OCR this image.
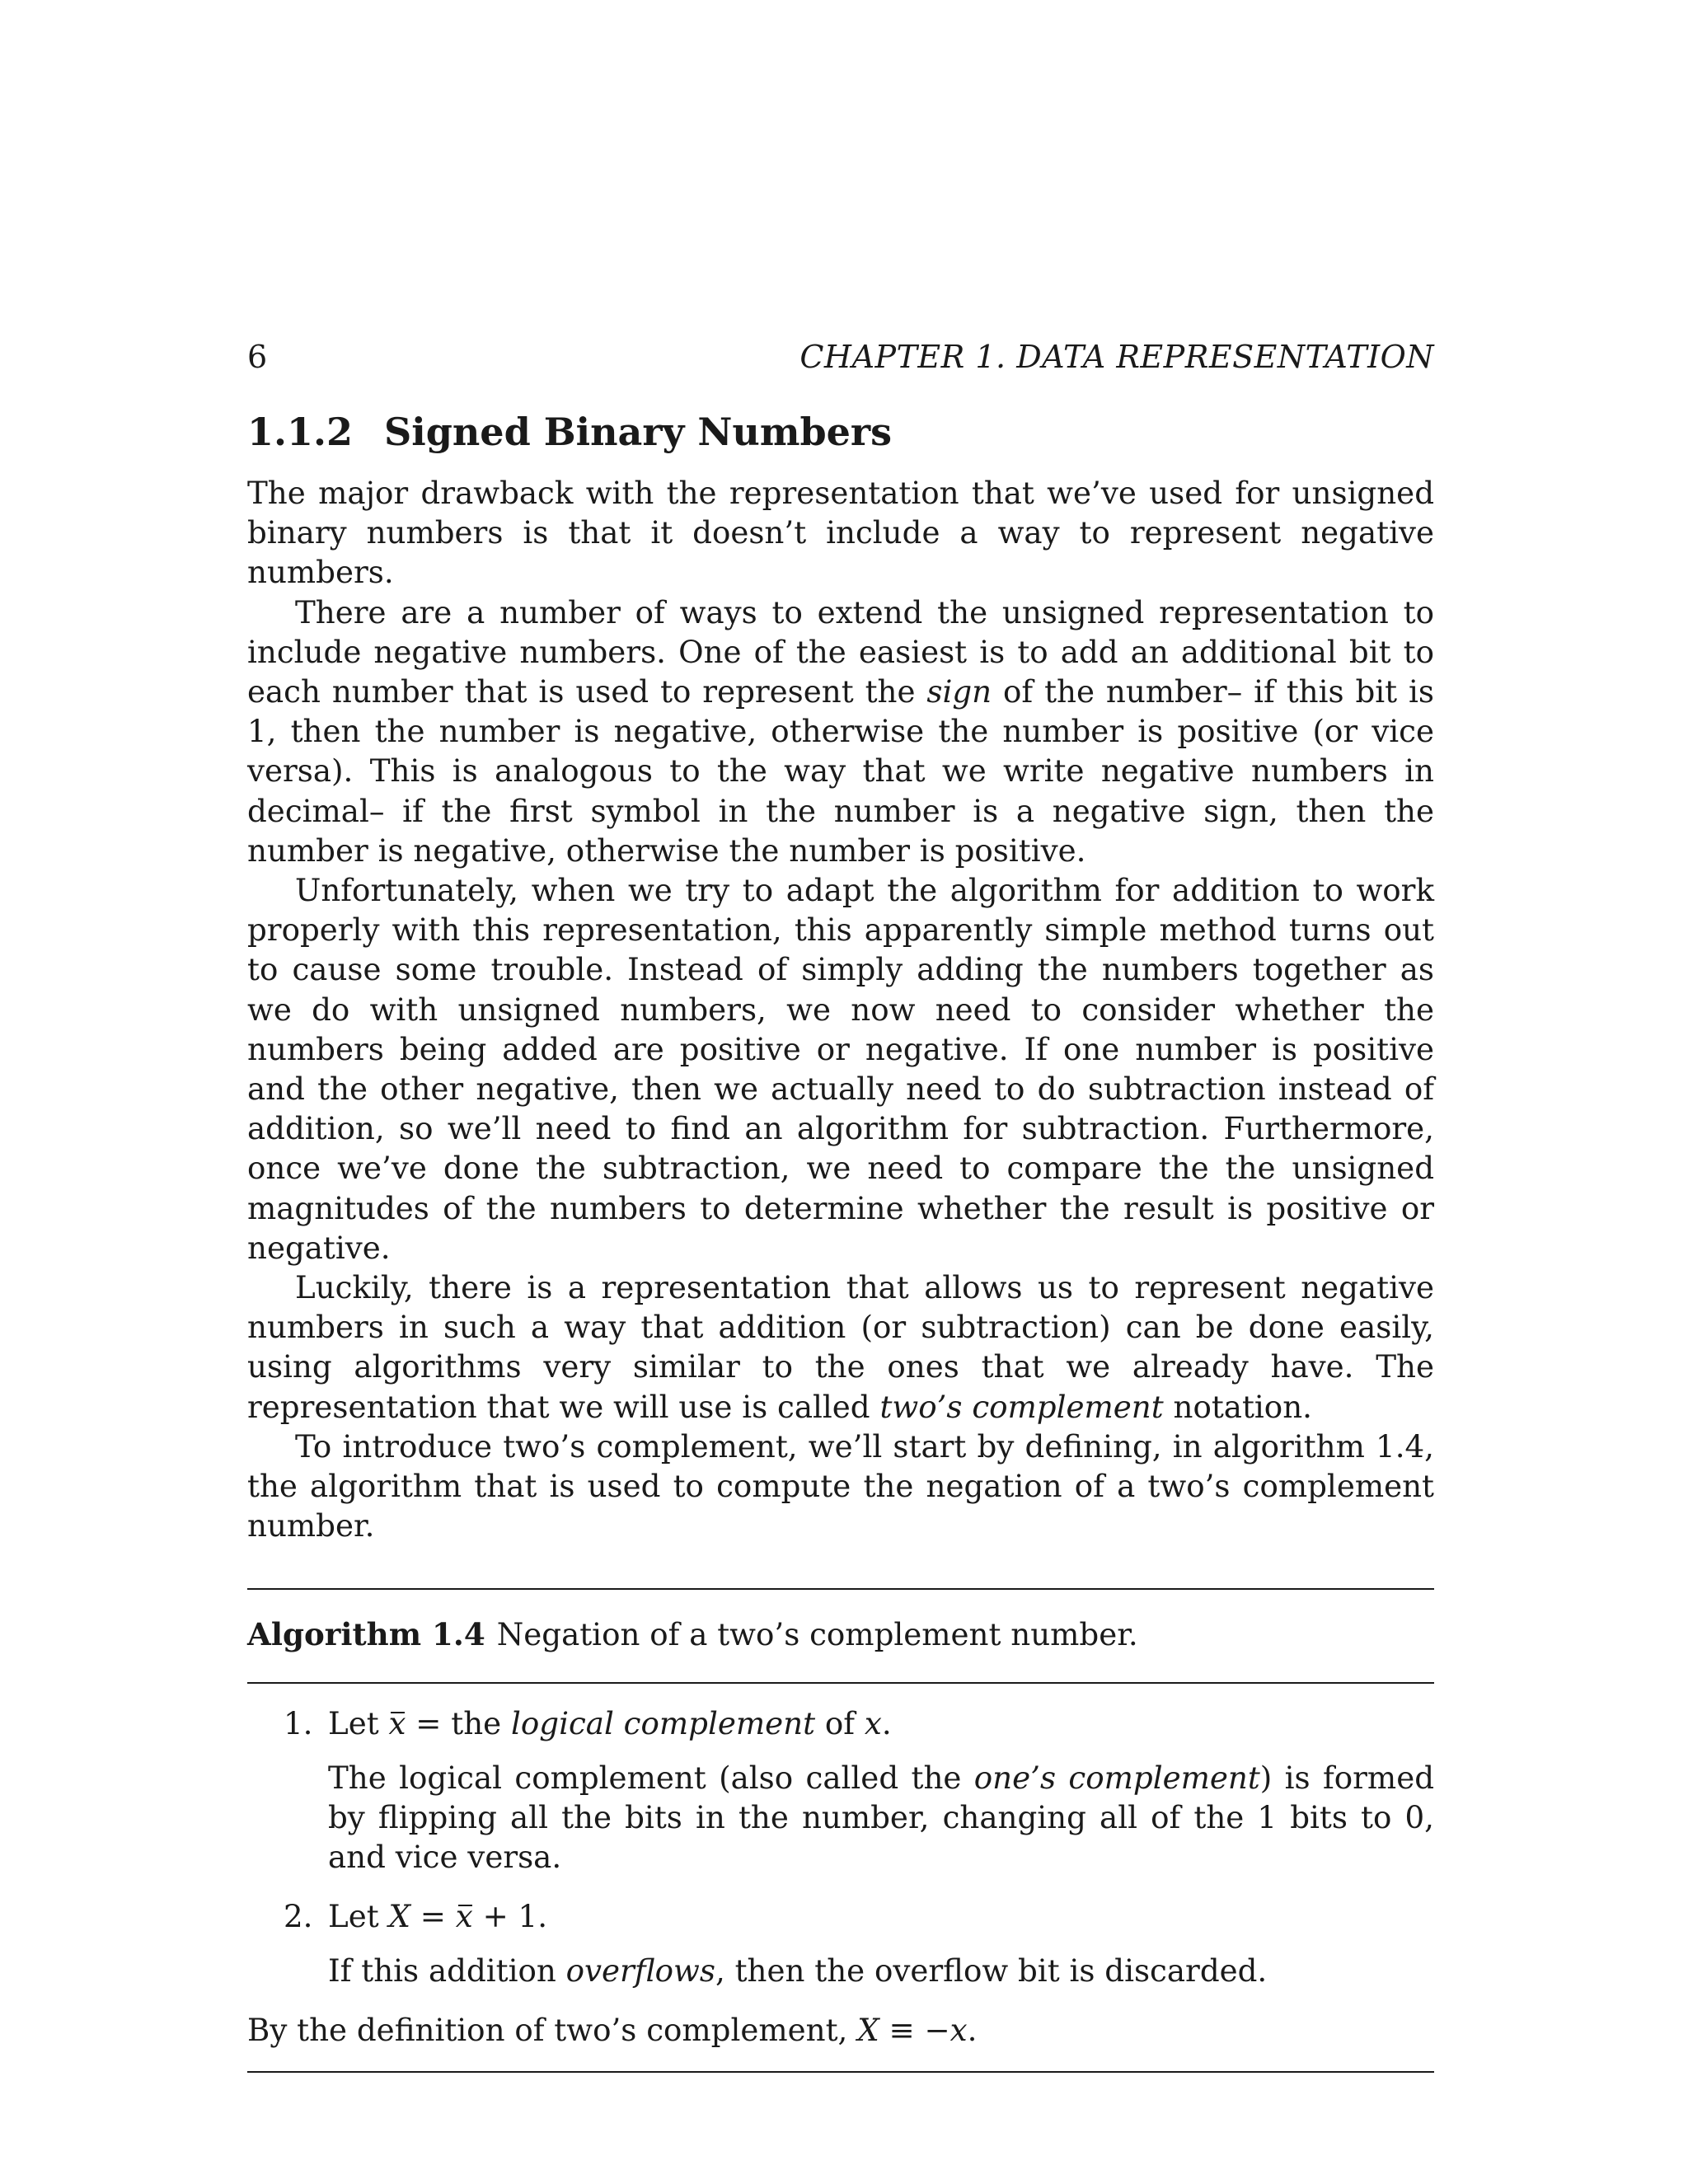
6	CHAPTER 1. DATA REPRESENTATION
1.1.2 Signed Binary Numbers

The major drawback with the representation that we’ve used for unsigned binary numbers is that it doesn’t include a way to represent negative numbers.

There are a number of ways to extend the unsigned representation to include negative numbers. One of the easiest is to add an additional bit to each number that is used to represent the sign of the number– if this bit is 1, then the number is negative, otherwise the number is positive (or vice versa). This is analogous to the way that we write negative numbers in decimal– if the first symbol in the number is a negative sign, then the number is negative, otherwise the number is positive.

Unfortunately, when we try to adapt the algorithm for addition to work properly with this representation, this apparently simple method turns out to cause some trouble. Instead of simply adding the numbers together as we do with unsigned numbers, we now need to consider whether the numbers being added are positive or negative. If one number is positive and the other negative, then we actually need to do subtraction instead of addition, so we’ll need to find an algorithm for subtraction. Furthermore, once we’ve done the subtraction, we need to compare the the unsigned magnitudes of the numbers to determine whether the result is positive or negative.

Luckily, there is a representation that allows us to represent negative numbers in such a way that addition (or subtraction) can be done easily, using algorithms very similar to the ones that we already have. The representation that we will use is called two’s complement notation.

To introduce two’s complement, we’ll start by defining, in algorithm 1.4, the algorithm that is used to compute the negation of a two’s complement number.

Algorithm 1.4 Negation of a two’s complement number.
1. Let x = the logical complement of x.
The logical complement (also called the one’s complement) is formed by flipping all the bits in the number, changing all of the 1 bits to 0, and vice versa.
2. Let X = x + 1.
If this addition overflows, then the overflow bit is discarded.
By the definition of two’s complement, X ≡ −x.
